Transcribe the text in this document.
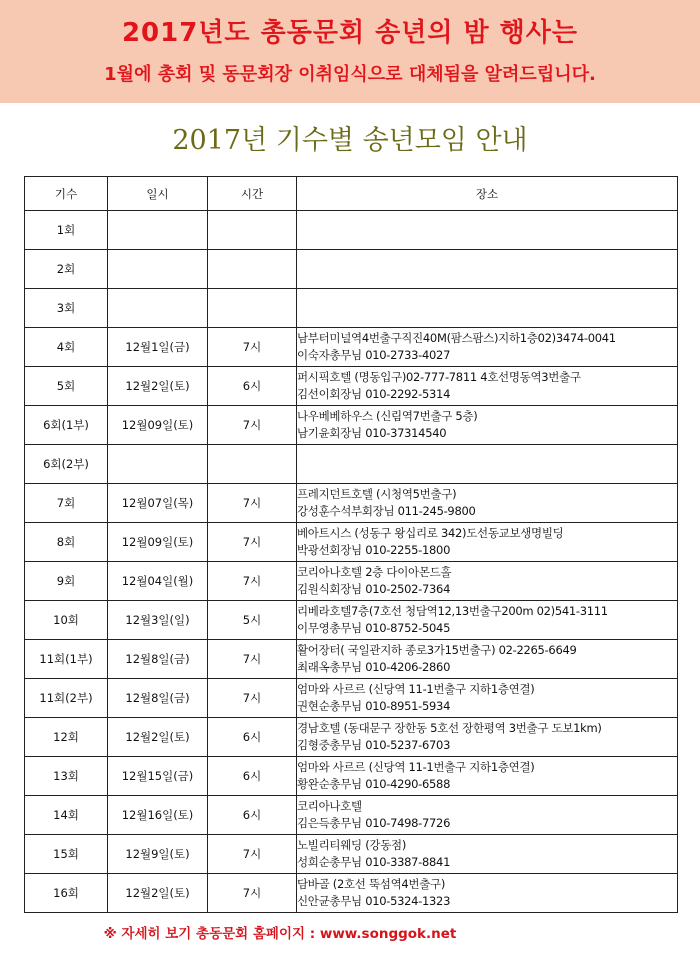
2017년도 총동문회 송년의 밤 행사는
1월에 총회 및 동문회장 이취임식으로 대체됨을 알려드립니다.
2017년 기수별 송년모임 안내
기수	일시	시간	장소
1회			

2회			

3회			

4회	12월1일(금)	7시	남부터미널역4번출구직진40M(팜스팜스)지하1층02)3474-0041
이숙자총무님 010-2733-4027

5회	12월2일(토)	6시	퍼시픽호텔 (명동입구)02-777-7811 4호선명동역3번출구
김선이회장님 010-2292-5314

6회(1부)	12월09일(토)	7시	나우베베하우스 (신림역7번출구 5층)
남기윤회장님 010-37314540

6회(2부)			

7회	12월07일(목)	7시	프레지던트호텔 (시청역5번출구)
강성훈수석부회장님 011-245-9800

8회	12월09일(토)	7시	베아트시스 (성동구 왕십리로 342)도선동교보생명빌딩
박광선회장님 010-2255-1800

9회	12월04일(월)	7시	코리아나호텔 2층 다이아몬드홀
김원식회장님 010-2502-7364

10회	12월3일(일)	5시	리베라호텔7층(7호선 청담역12,13번출구200m 02)541-3111
이무영총무님 010-8752-5045

11회(1부)	12월8일(금)	7시	활어장터( 국일관지하 종로3가15번출구) 02-2265-6649
최래옥총무님 010-4206-2860

11회(2부)	12월8일(금)	7시	엄마와 사르르 (신당역 11-1번출구 지하1층연결)
권현순총무님 010-8951-5934

12회	12월2일(토)	6시	경남호텔 (동대문구 장한동 5호선 장한평역 3번출구 도보1km)
김형중총무님 010-5237-6703

13회	12월15일(금)	6시	엄마와 사르르 (신당역 11-1번출구 지하1층연결)
황완순총무님 010-4290-6588

14회	12월16일(토)	6시	코리아나호텔
김은득총무님 010-7498-7726

15회	12월9일(토)	7시	노빌리티웨딩 (강동점)
성희순총무님 010-3387-8841

16회	12월2일(토)	7시	담바골 (2호선 뚝섬역4번출구)
신안균총무님 010-5324-1323
※ 자세히 보기 총동문회 홈페이지 : www.songgok.net
